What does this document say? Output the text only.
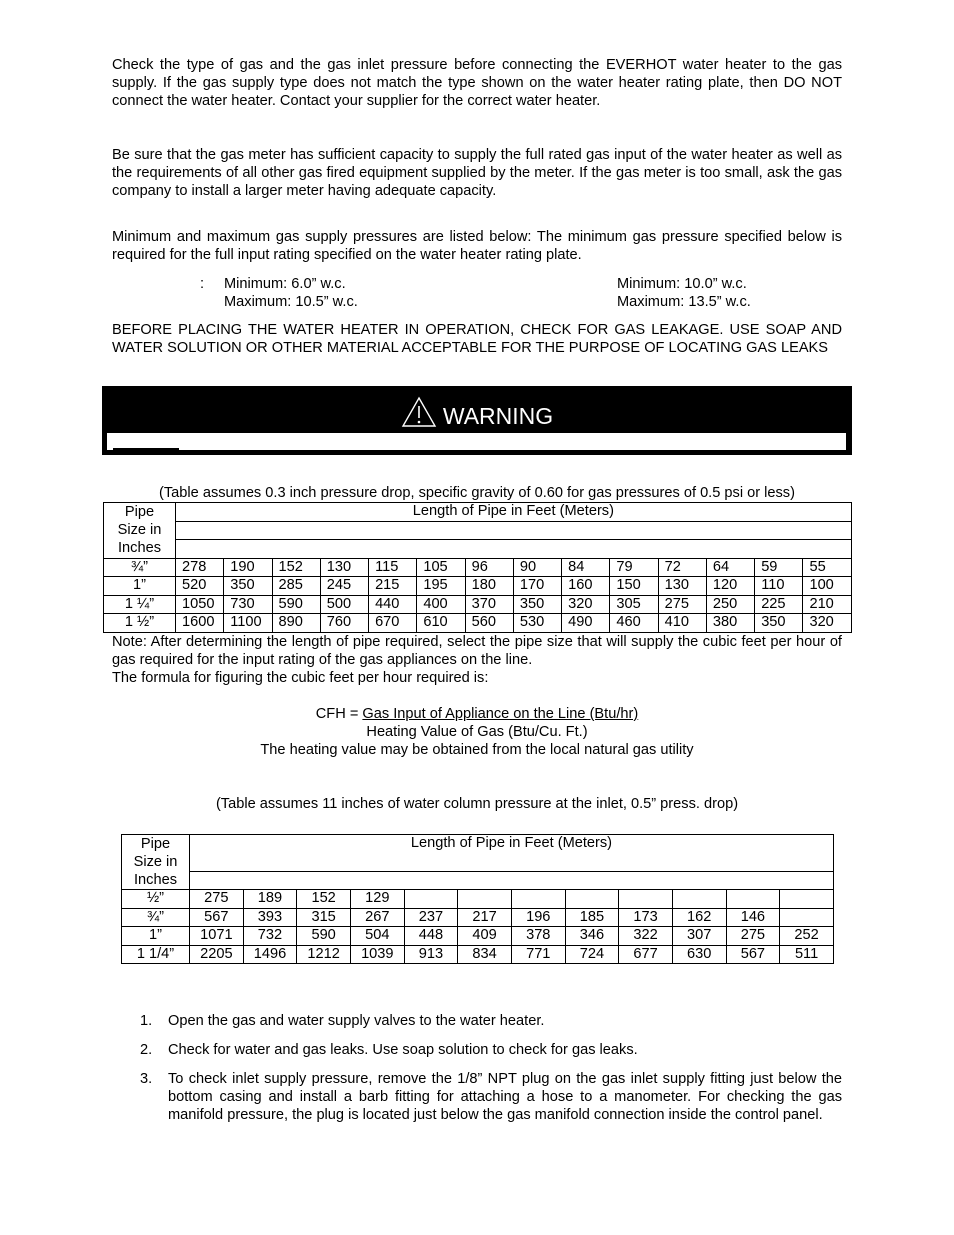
Check the type of gas and the gas inlet pressure before connecting the EVERHOT water heater to the gas supply. If the gas supply type does not match the type shown on the water heater rating plate, then DO NOT connect the water heater. Contact your supplier for the correct water heater.

Be sure that the gas meter has sufficient capacity to supply the full rated gas input of the water heater as well as the requirements of all other gas fired equipment supplied by the meter. If the gas meter is too small, ask the gas company to install a larger meter having adequate capacity.

Minimum and maximum gas supply pressures are listed below: The minimum gas pressure specified below is required for the full input rating specified on the water heater rating plate.

: Minimum: 6.0” w.c.
Maximum: 10.5” w.c.
Minimum: 10.0” w.c.
Maximum: 13.5” w.c.

BEFORE PLACING THE WATER HEATER IN OPERATION, CHECK FOR GAS LEAKAGE. USE SOAP AND WATER SOLUTION OR OTHER MATERIAL ACCEPTABLE FOR THE PURPOSE OF LOCATING GAS LEAKS

WARNING
(Table assumes 0.3 inch pressure drop, specific gravity of 0.60 for gas pressures of 0.5 psi or less)
Pipe
Size in
Inches	Length of Pipe in Feet (Meters)													

¾”	278	190	152	130	115	105	96	90	84	79	72	64	59	55
1”	520	350	285	245	215	195	180	170	160	150	130	120	110	100
1 ¼”	1050	730	590	500	440	400	370	350	320	305	275	250	225	210
1 ½”	1600	1100	890	760	670	610	560	530	490	460	410	380	350	320
Note: After determining the length of pipe required, select the pipe size that will supply the cubic feet per hour of gas required for the input rating of the gas appliances on the line.
The formula for figuring the cubic feet per hour required is:
CFH = Gas Input of Appliance on the Line (Btu/hr)
Heating Value of Gas (Btu/Cu. Ft.)
The heating value may be obtained from the local natural gas utility
(Table assumes 11 inches of water column pressure at the inlet, 0.5” press. drop)
Pipe
Size in
Inches	Length of Pipe in Feet (Meters)											

½”	275	189	152	129								
¾”	567	393	315	267	237	217	196	185	173	162	146	
1”	1071	732	590	504	448	409	378	346	322	307	275	252
1 1/4”	2205	1496	1212	1039	913	834	771	724	677	630	567	511
1. Open the gas and water supply valves to the water heater.
2. Check for water and gas leaks. Use soap solution to check for gas leaks.
3. To check inlet supply pressure, remove the 1/8” NPT plug on the gas inlet supply fitting just below the bottom casing and install a barb fitting for attaching a hose to a manometer. For checking the gas manifold pressure, the plug is located just below the gas manifold connection inside the control panel.
